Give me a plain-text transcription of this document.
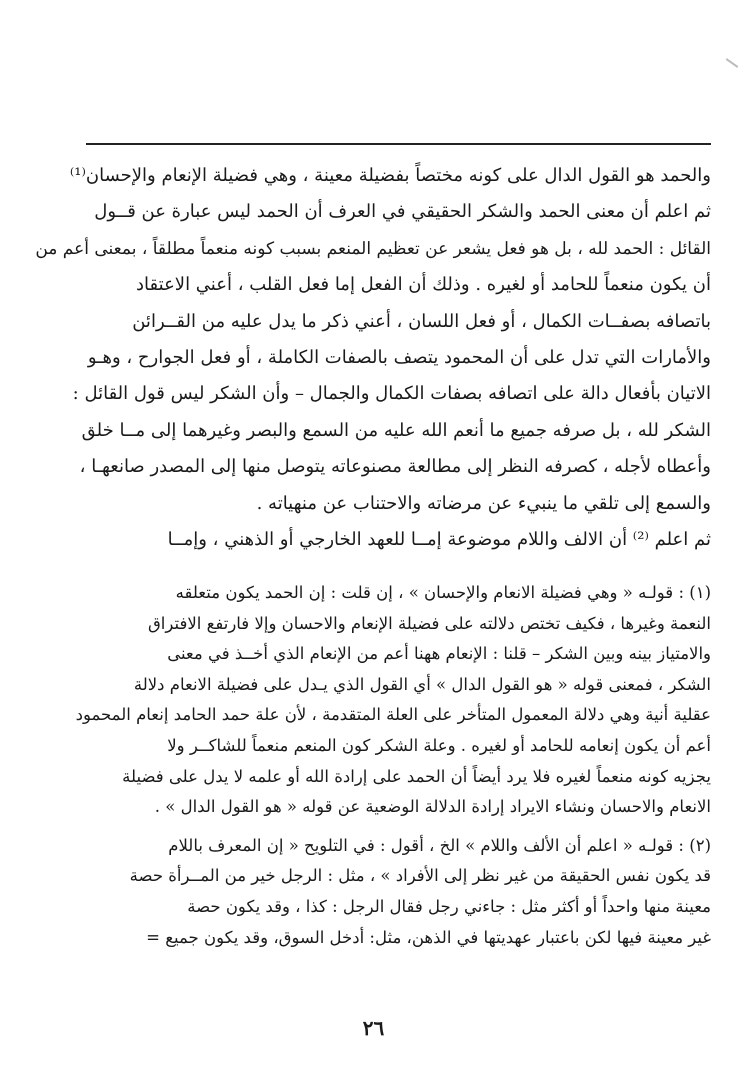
والحمد هو القول الدال على كونه مختصاً بفضيلة معينة ، وهي فضيلة الإنعام والإحسان⁽¹⁾
ثم اعلم أن معنى الحمد والشكر الحقيقي في العرف أن الحمد ليس عبارة عن قــول
القائل : الحمد لله ، بل هو فعل يشعر عن تعظيم المنعم بسبب كونه منعماً مطلقاً ، بمعنى أعم من
أن يكون منعماً للحامد أو لغيره . وذلك أن الفعل إما فعل القلب ، أعني الاعتقاد
باتصافه بصفــات الكمال ، أو فعل اللسان ، أعني ذكر ما يدل عليه من القــرائن
والأمارات التي تدل على أن المحمود يتصف بالصفات الكاملة ، أو فعل الجوارح ، وهـو
الاتيان بأفعال دالة على اتصافه بصفات الكمال والجمال – وأن الشكر ليس قول القائل :
الشكر لله ، بل صرفه جميع ما أنعم الله عليه من السمع والبصر وغيرهما إلى مــا خلق
وأعطاه لأجله ، كصرفه النظر إلى مطالعة مصنوعاته يتوصل منها إلى المصدر صانعهـا ،
والسمع إلى تلقي ما ينبيء عن مرضاته والاحتناب عن منهياته .
ثم اعلم ⁽²⁾ أن الالف واللام موضوعة إمــا للعهد الخارجي أو الذهني ، وإمــا
(١) : قولـه « وهي فضيلة الانعام والإحسان » ، إن قلت : إن الحمد يكون متعلقه
النعمة وغيرها ، فكيف تختص دلالته على فضيلة الإنعام والاحسان وإلا فارتفع الافتراق
والامتياز بينه وبين الشكر – قلنا : الإنعام ههنا أعم من الإنعام الذي أخــذ في معنى
الشكر ، فمعنى قوله « هو القول الدال » أي القول الذي يـدل على فضيلة الانعام دلالة
عقلية أنية وهي دلالة المعمول المتأخر على العلة المتقدمة ، لأن علة حمد الحامد إنعام المحمود
أعم أن يكون إنعامه للحامد أو لغيره . وعلة الشكر كون المنعم منعماً للشاكــر ولا
يجزيه كونه منعماً لغيره فلا يرد أيضاً أن الحمد على إرادة الله أو علمه لا يدل على فضيلة
الانعام والاحسان ونشاء الايراد إرادة الدلالة الوضعية عن قوله « هو القول الدال » .
(٢) : قولـه « اعلم أن الألف واللام » الخ ، أقول : في التلويح « إن المعرف باللام
قد يكون نفس الحقيقة من غير نظر إلى الأفراد » ، مثل : الرجل خير من المــرأة حصة
معينة منها واحداً أو أكثر مثل : جاءني رجل فقال الرجل : كذا ، وقد يكون حصة
غير معينة فيها لكن باعتبار عهديتها في الذهن، مثل: أدخل السوق، وقد يكون جميع =
٢٦
